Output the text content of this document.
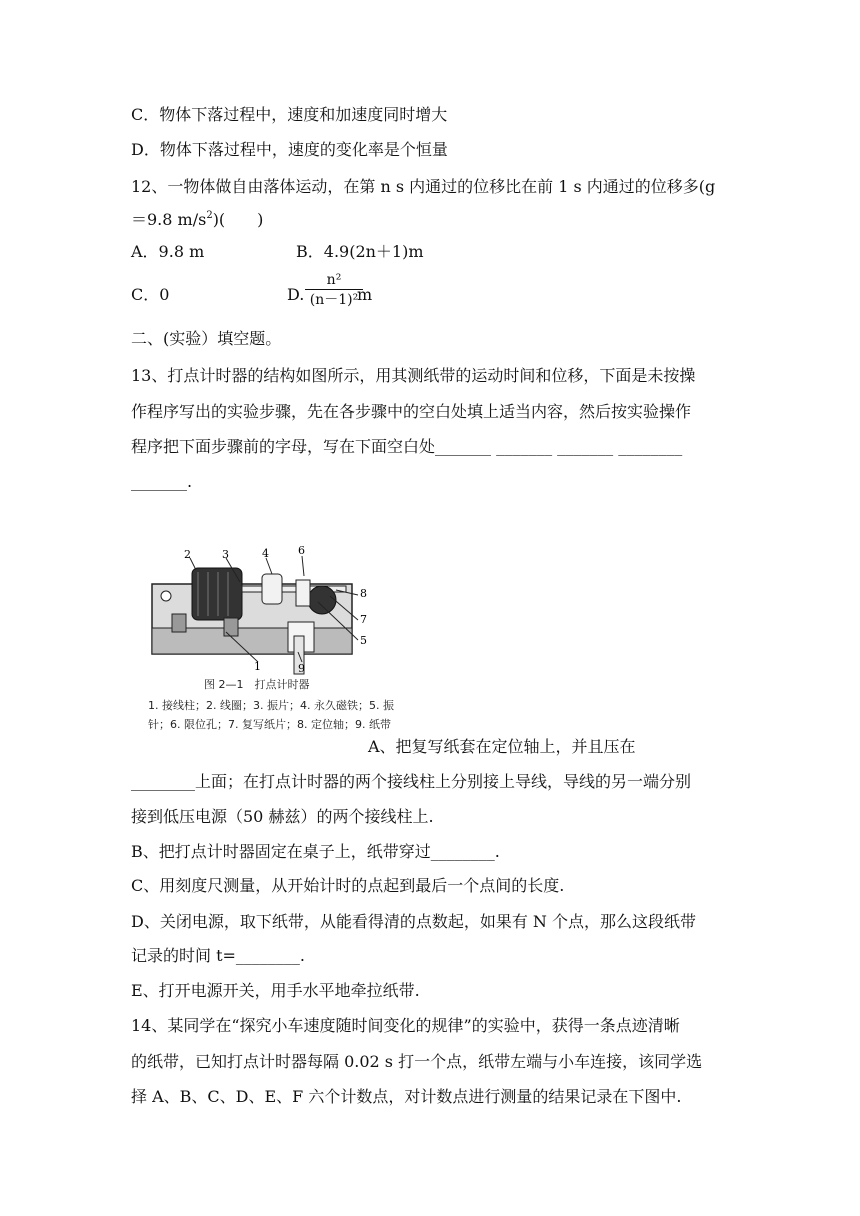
C．物体下落过程中，速度和加速度同时增大
D．物体下落过程中，速度的变化率是个恒量
12、一物体做自由落体运动，在第 n s 内通过的位移比在前 1 s 内通过的位移多(g
＝9.8 $m/s^2$)(　　)
A．9.8 m	B．4.9(2n＋1)m
C．0	D.
n²
(n－1)²
m
二、(实验）填空题。
13、打点计时器的结构如图所示，用其测纸带的运动时间和位移，下面是未按操
作程序写出的实验步骤，先在各步骤中的空白处填上适当内容，然后按实验操作
程序把下面步骤前的字母，写在下面空白处_______ _______ _______ ________
_______.
2	3	4	6
8
7
5
1	9
图 2—1　打点计时器
1. 接线柱；2. 线圈；3. 振片；4. 永久磁铁；5. 振
针；6. 限位孔；7. 复写纸片；8. 定位轴；9. 纸带
A、把复写纸套在定位轴上，并且压在
________上面；在打点计时器的两个接线柱上分别接上导线，导线的另一端分别
接到低压电源（50 赫兹）的两个接线柱上.
B、把打点计时器固定在桌子上，纸带穿过________.
C、用刻度尺测量，从开始计时的点起到最后一个点间的长度.
D、关闭电源，取下纸带，从能看得清的点数起，如果有 N 个点，那么这段纸带
记录的时间 t=________.
E、打开电源开关，用手水平地牵拉纸带.
14、某同学在“探究小车速度随时间变化的规律”的实验中，获得一条点迹清晰
的纸带，已知打点计时器每隔 0.02 s 打一个点，纸带左端与小车连接，该同学选
择 A、B、C、D、E、F 六个计数点，对计数点进行测量的结果记录在下图中.
